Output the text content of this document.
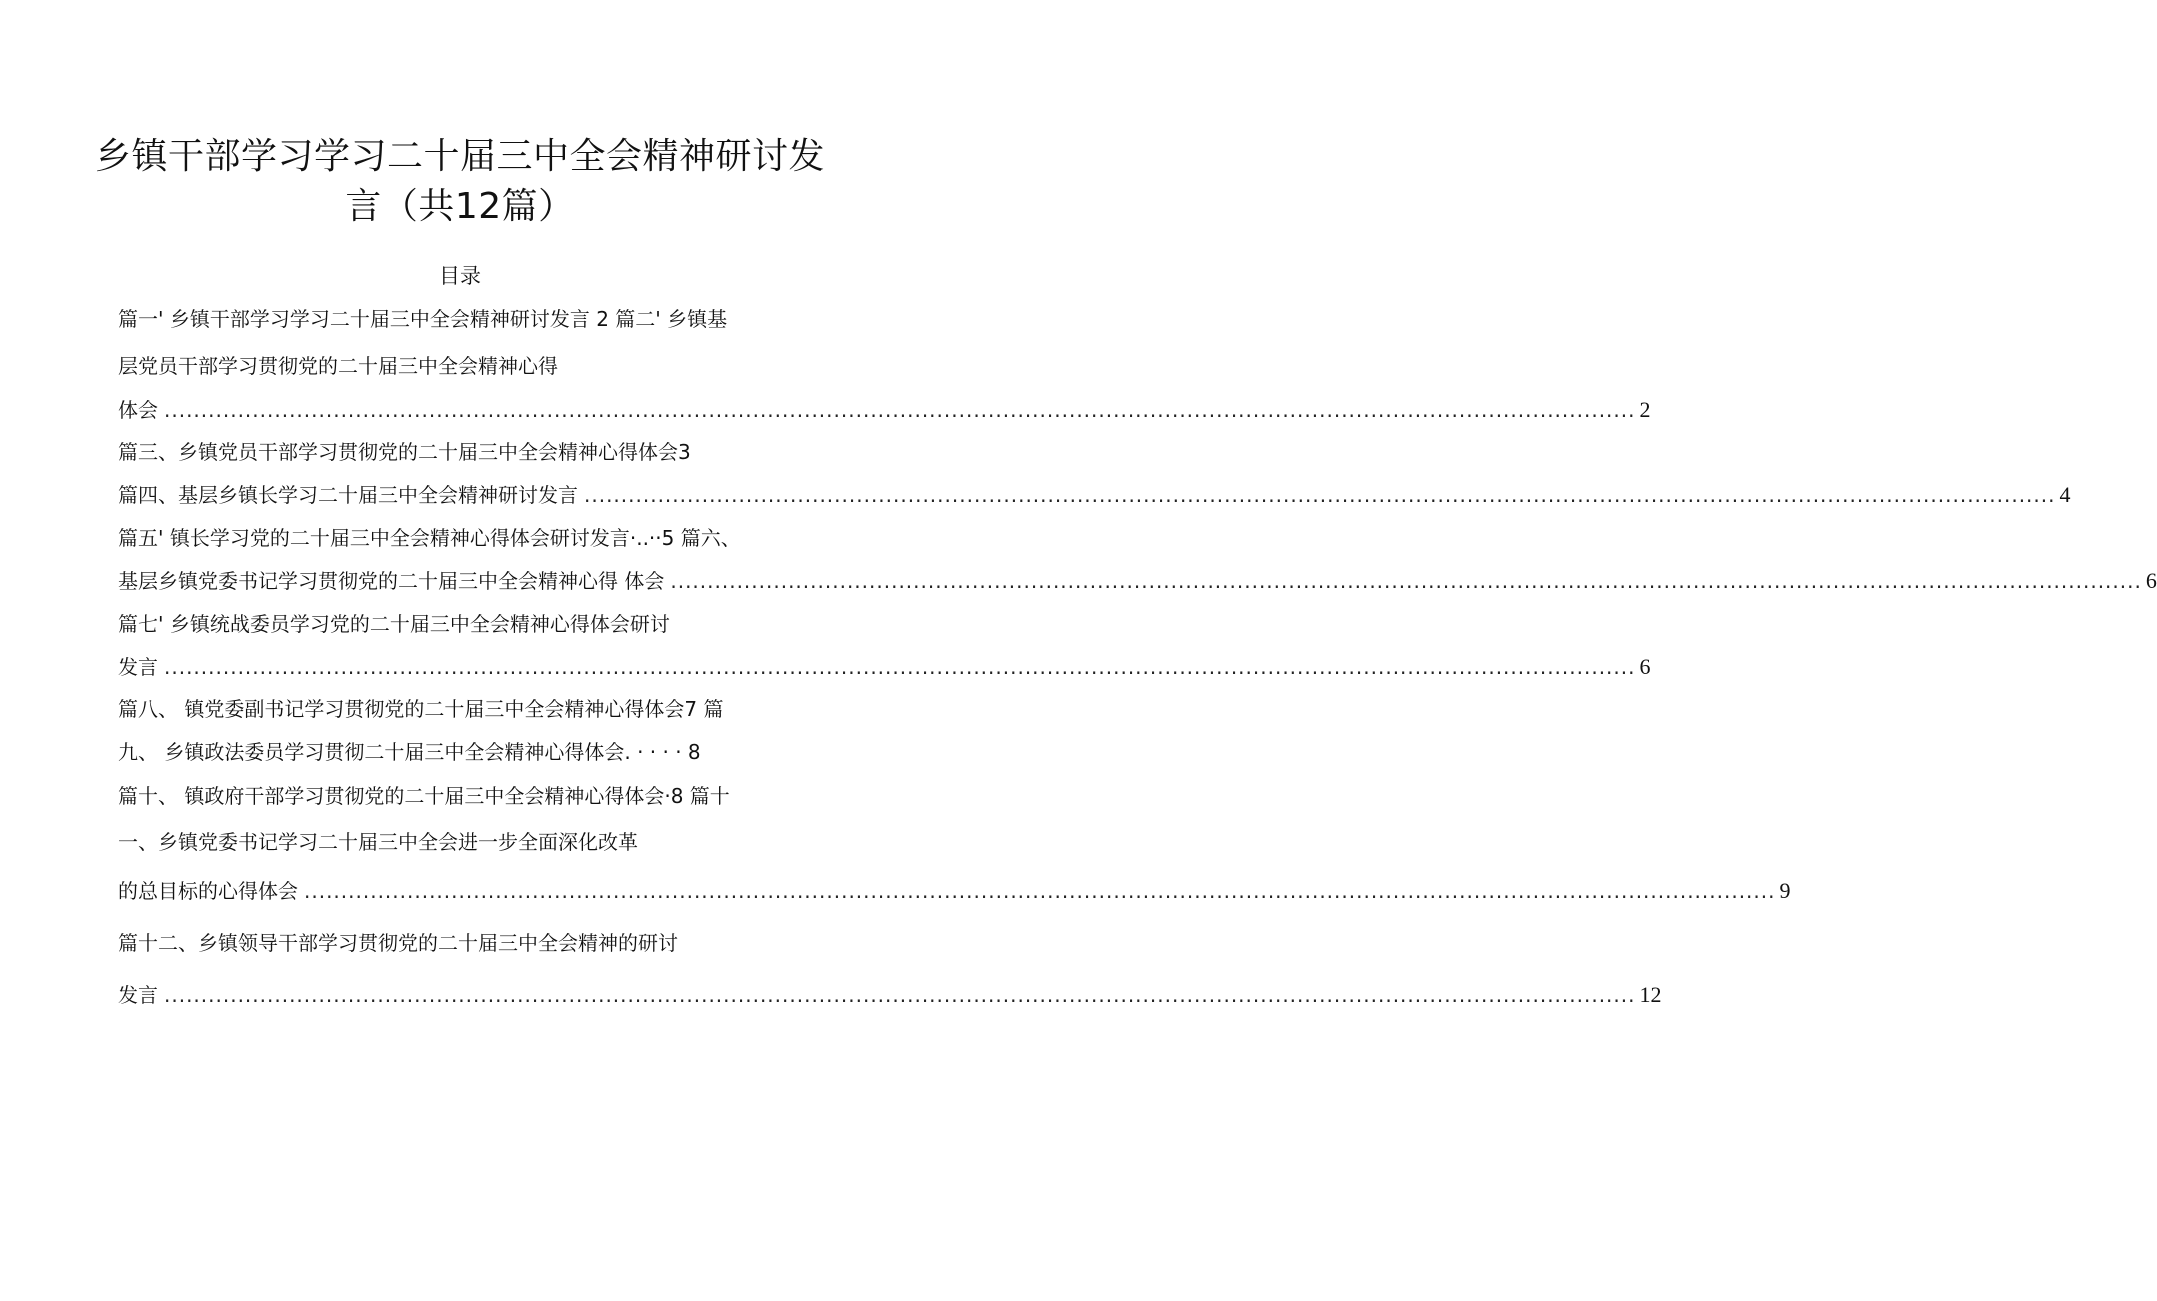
乡镇干部学习学习二十届三中全会精神研讨发
言（共12篇）
目录
篇一' 乡镇干部学习学习二十届三中全会精神研讨发言 2 篇二' 乡镇基
层党员干部学习贯彻党的二十届三中全会精神心得
体会 ........................................................................................................................................................................................................ 2
篇三、乡镇党员干部学习贯彻党的二十届三中全会精神心得体会3
篇四、基层乡镇长学习二十届三中全会精神研讨发言 ........................................................................................................................................................................................................ 4
篇五' 镇长学习党的二十届三中全会精神心得体会研讨发言·..··5 篇六、
基层乡镇党委书记学习贯彻党的二十届三中全会精神心得 体会 ........................................................................................................................................................................................................ 6
篇七' 乡镇统战委员学习党的二十届三中全会精神心得体会研讨
发言 ........................................................................................................................................................................................................ 6
篇八、 镇党委副书记学习贯彻党的二十届三中全会精神心得体会7 篇
九、 乡镇政法委员学习贯彻二十届三中全会精神心得体会. · · · · 8
篇十、 镇政府干部学习贯彻党的二十届三中全会精神心得体会·8 篇十
一、乡镇党委书记学习二十届三中全会进一步全面深化改革
的总目标的心得体会 ........................................................................................................................................................................................................ 9
篇十二、乡镇领导干部学习贯彻党的二十届三中全会精神的研讨
发言 ........................................................................................................................................................................................................ 12
